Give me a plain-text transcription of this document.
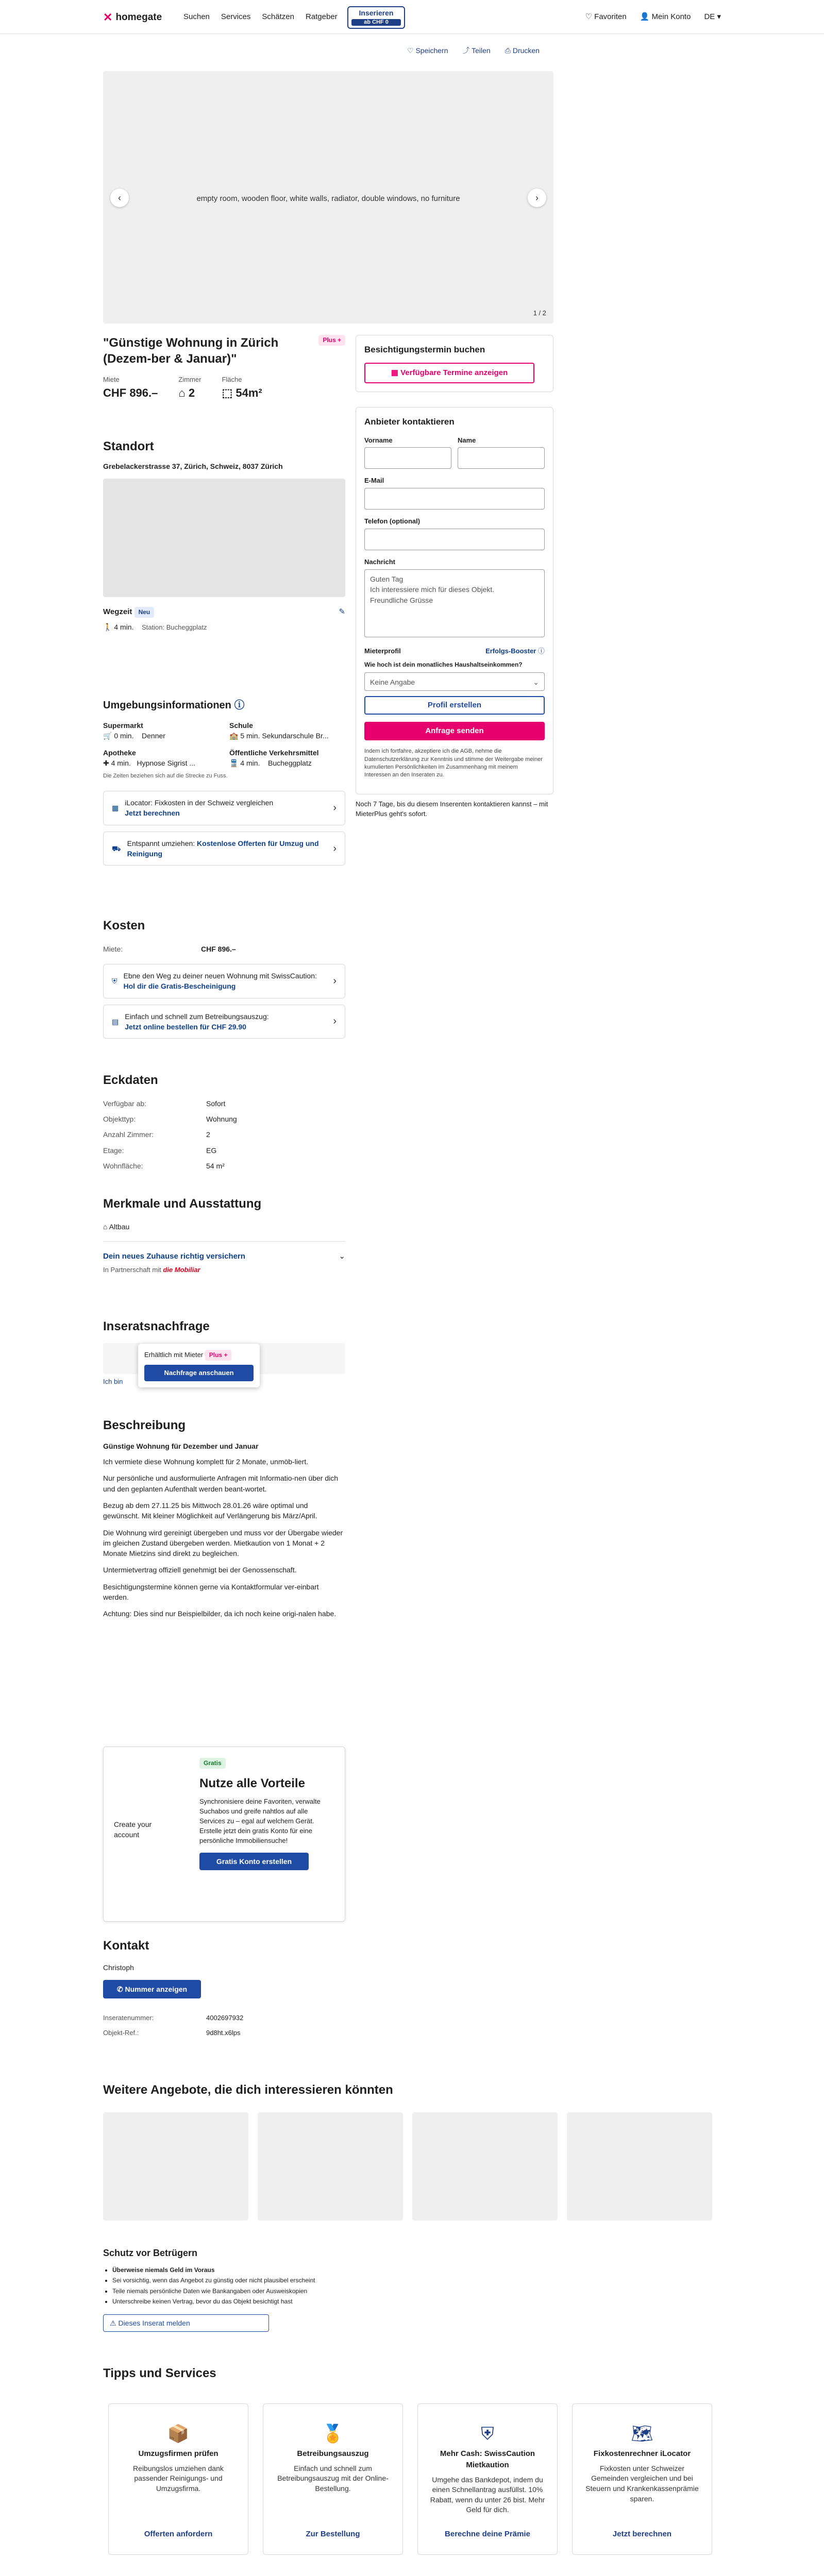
✕ homegate	Suchen Services Schätzen Ratgeber	Inserieren
ab CHF 0
♡ Favoriten 👤 Mein Konto DE ▾
♡ Speichern ⤴ Teilen ⎙ Drucken
empty room, wooden floor, white walls, radiator, double windows, no furniture
‹	›
1 / 2
"Günstige Wohnung in Zürich (Dezem-ber & Januar)"
Plus +
Miete
CHF 896.–
Zimmer
⌂ 2
Fläche
⬚ 54m²
Standort
Grebelackerstrasse 37, Zürich, Schweiz, 8037 Zürich
Wegzeit Neu	✎
🚶 4 min. Station: Bucheggplatz
Umgebungsinformationen ⓘ
Supermarkt
🛒 0 min. Denner
Schule
🏫 5 min. Sekundarschule Br...
Apotheke
✚ 4 min. Hypnose Sigrist ...
Öffentliche Verkehrsmittel
🚆 4 min. Bucheggplatz
Die Zeiten beziehen sich auf die Strecke zu Fuss.
▦
iLocator: Fixkosten in der Schweiz vergleichen
Jetzt berechnen	›
⛟
Entspannt umziehen: Kostenlose Offerten für Umzug und Reinigung	›
Kosten
Miete:	CHF 896.–
⛨
Ebne den Weg zu deiner neuen Wohnung mit SwissCaution: Hol dir die Gratis-Bescheinigung	›
▤
Einfach und schnell zum Betreibungsauszug:
Jetzt online bestellen für CHF 29.90	›
Eckdaten
Verfügbar ab:	Sofort
Objekttyp:	Wohnung
Anzahl Zimmer:	2
Etage:	EG
Wohnfläche:	54 m²
Merkmale und Ausstattung
⌂ Altbau
Dein neues Zuhause richtig versichern	⌄
In Partnerschaft mit die Mobiliar
Inseratsnachfrage
Ich bin
Erhältlich mit Mieter Plus +
Nachfrage anschauen
Beschreibung
Günstige Wohnung für Dezember und Januar

Ich vermiete diese Wohnung komplett für 2 Monate, unmöb-liert.

Nur persönliche und ausformulierte Anfragen mit Informatio-nen über dich und den geplanten Aufenthalt werden beant-wortet.

Bezug ab dem 27.11.25 bis Mittwoch 28.01.26 wäre optimal und gewünscht. Mit kleiner Möglichkeit auf Verlängerung bis März/April.

Die Wohnung wird gereinigt übergeben und muss vor der Übergabe wieder im gleichen Zustand übergeben werden. Mietkaution von 1 Monat + 2 Monate Mietzins sind direkt zu begleichen.

Untermietvertrag offiziell genehmigt bei der Genossenschaft.

Besichtigungstermine können gerne via Kontaktformular ver-einbart werden.

Achtung: Dies sind nur Beispielbilder, da ich noch keine origi-nalen habe.

Create your account
Gratis
Nutze alle Vorteile
Synchronisiere deine Favoriten, verwalte Suchabos und greife nahtlos auf alle Services zu – egal auf welchem Gerät. Erstelle jetzt dein gratis Konto für eine persönliche Immobiliensuche!
Gratis Konto erstellen
Kontakt
Christoph
✆ Nummer anzeigen
Inseratenummer:	4002697932
Objekt-Ref.:	9d8ht.x6lps
Besichtigungstermin buchen
▦ Verfügbare Termine anzeigen
Anbieter kontaktieren
Vorname	Name
E-Mail
Telefon (optional)
Nachricht
Guten Tag
Ich interessiere mich für dieses Objekt.
Freundliche Grüsse
Mieterprofil	Erfolgs-Booster ⓘ
Wie hoch ist dein monatliches Haushaltseinkommen?
Keine Angabe	⌄
Profil erstellen
Anfrage senden
Indem ich fortfahre, akzeptiere ich die AGB, nehme die Datenschutzerklärung zur Kenntnis und stimme der Weitergabe meiner kumulierten Persönlichkeiten im Zusammenhang mit meinem Interessen an den Inseraten zu.
Noch 7 Tage, bis du diesem Inserenten kontaktieren kannst – mit MieterPlus geht's sofort.
Weitere Angebote, die dich interessieren könnten
Schutz vor Betrügern
• Überweise niemals Geld im Voraus
• Sei vorsichtig, wenn das Angebot zu günstig oder nicht plausibel erscheint
• Teile niemals persönliche Daten wie Bankangaben oder Ausweiskopien
• Unterschreibe keinen Vertrag, bevor du das Objekt besichtigt hast
⚠ Dieses Inserat melden
Tipps und Services
📦
Umzugsfirmen prüfen
Reibungslos umziehen dank passender Reinigungs- und Umzugsfirma.
Offerten anfordern
🏅
Betreibungsauszug
Einfach und schnell zum Betreibungsauszug mit der Online-Bestellung.
Zur Bestellung
⛨
Mehr Cash: SwissCaution Mietkaution
Umgehe das Bankdepot, indem du einen Schnellantrag ausfüllst. 10% Rabatt, wenn du unter 26 bist. Mehr Geld für dich.
Berechne deine Prämie
🗺
Fixkostenrechner iLocator
Fixkosten unter Schweizer Gemeinden vergleichen und bei Steuern und Krankenkassenprämie sparen.
Jetzt berechnen
